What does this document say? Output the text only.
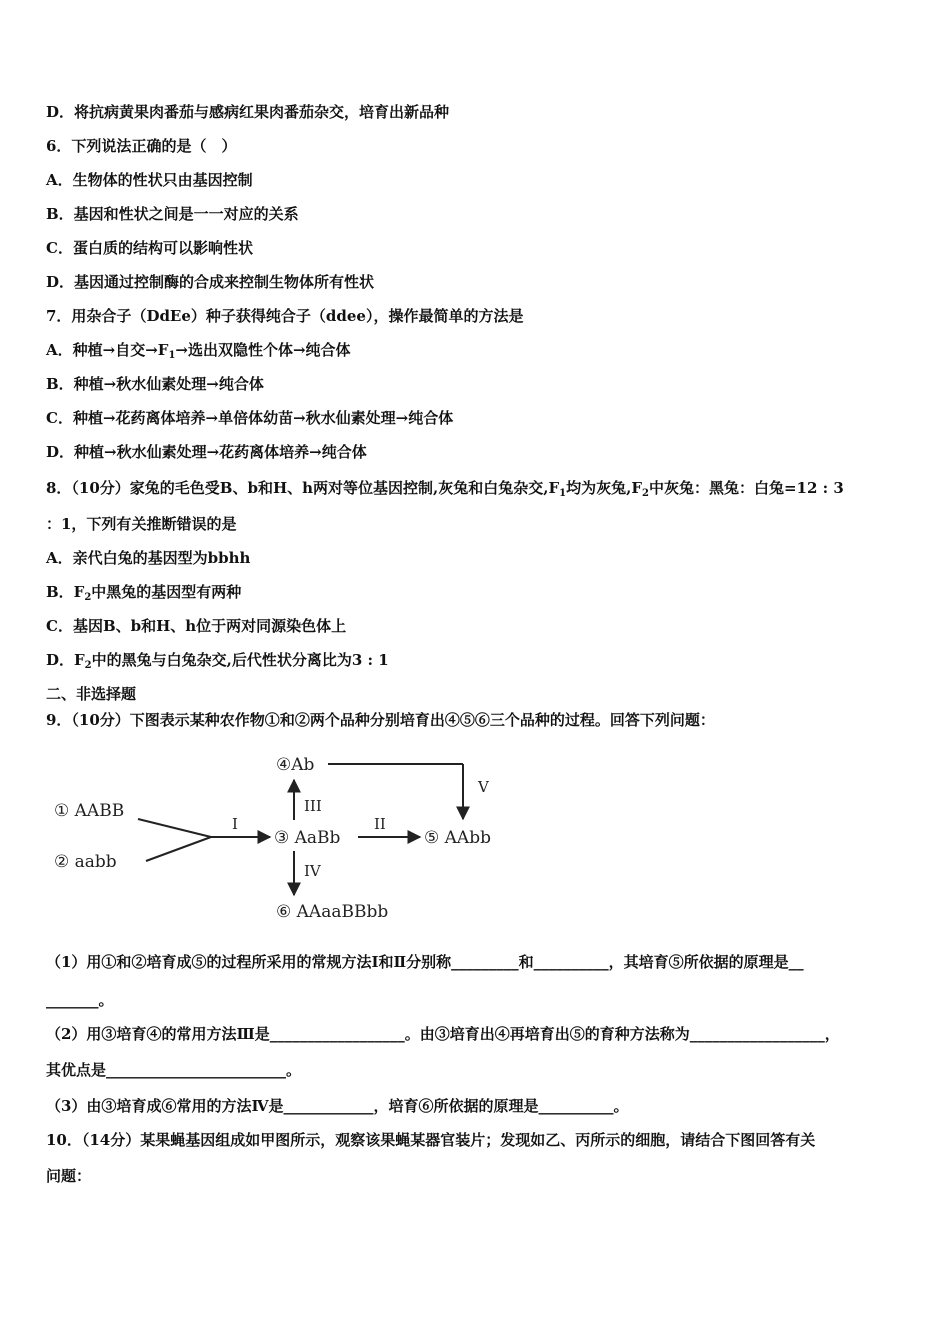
D．将抗病黄果肉番茄与感病红果肉番茄杂交，培育出新品种
6．下列说法正确的是（　）
A．生物体的性状只由基因控制
B．基因和性状之间是一一对应的关系
C．蛋白质的结构可以影响性状
D．基因通过控制酶的合成来控制生物体所有性状
7．用杂合子（DdEe）种子获得纯合子（ddee），操作最简单的方法是
A．种植→自交$\to F_1\to$选出双隐性个体→纯合体
B．种植→秋水仙素处理→纯合体
C．种植→花药离体培养→单倍体幼苗→秋水仙素处理→纯合体
D．种植→秋水仙素处理→花药离体培养→纯合体
8．（10分）家兔的毛色受B、b和H、h两对等位基因控制,灰兔和白兔杂交$,F_1$均为灰兔$,F_2$中灰兔：黑兔：白兔=12 : 3
：1，下列有关推断错误的是
A．亲代白兔的基因型为bbhh
B．$F_2$中黑兔的基因型有两种
C．基因B、b和H、h位于两对同源染色体上
D．$F_2$中的黑兔与白兔杂交,后代性状分离比为3 : 1
二、非选择题
9．（10分）下图表示某种农作物①和②两个品种分别培育出④⑤⑥三个品种的过程。回答下列问题：
① AABB
② aabb
I
③ AaBb
II
⑤ AAbb
III
④Ab
V
IV
⑥ AAaaBBbb
（1）用①和②培育成⑤的过程所采用的常规方法Ⅰ和Ⅱ分别称_________和__________，其培育⑤所依据的原理是__
_______。
（2）用③培育④的常用方法Ⅲ是__________________。由③培育出④再培育出⑤的育种方法称为__________________，
其优点是________________________。
（3）由③培育成⑥常用的方法Ⅳ是____________，培育⑥所依据的原理是__________。
10．（14分）某果蝇基因组成如甲图所示，观察该果蝇某器官装片；发现如乙、丙所示的细胞，请结合下图回答有关
问题：
